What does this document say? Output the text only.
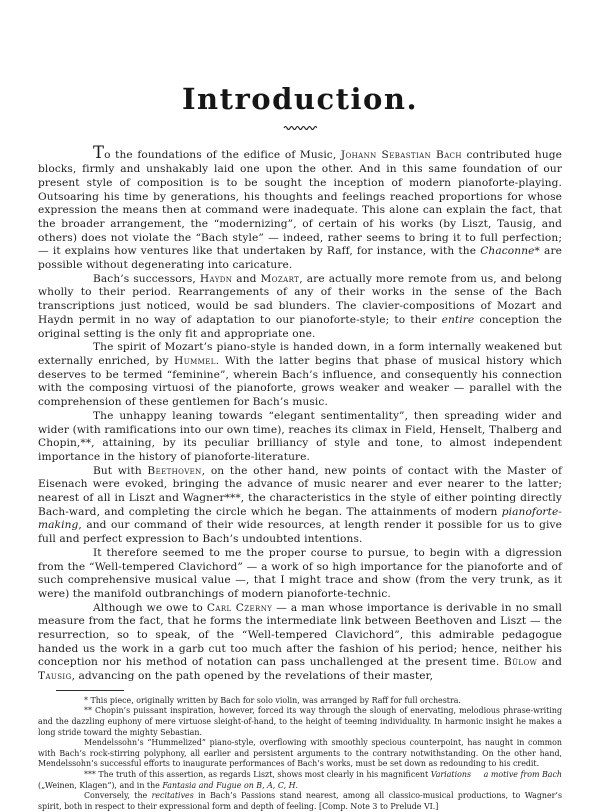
Introduction.

To the foundations of the edifice of Music, Johann Sebastian Bach contributed huge blocks, firmly and unshakably laid one upon the other. And in this same foundation of our present style of composition is to be sought the inception of modern pianoforte-playing. Outsoaring his time by generations, his thoughts and feelings reached proportions for whose expression the means then at command were inadequate. This alone can explain the fact, that the broader arrangement, the “modernizing”, of certain of his works (by Liszt, Tausig, and others) does not violate the “Bach style” — indeed, rather seems to bring it to full perfection; — it explains how ventures like that undertaken by Raff, for instance, with the Chaconne* are possible without degenerating into caricature.

Bach’s successors, Haydn and Mozart, are actually more remote from us, and belong wholly to their period. Rearrangements of any of their works in the sense of the Bach transcriptions just noticed, would be sad blunders. The clavier-compositions of Mozart and Haydn permit in no way of adaptation to our pianoforte-style; to their entire conception the original setting is the only fit and appropriate one.

The spirit of Mozart’s piano-style is handed down, in a form internally weakened but externally enriched, by Hummel. With the latter begins that phase of musical history which deserves to be termed “feminine”, wherein Bach’s influence, and consequently his connection with the composing virtuosi of the pianoforte, grows weaker and weaker — parallel with the comprehension of these gentlemen for Bach’s music.

The unhappy leaning towards “elegant sentimentality”, then spreading wider and wider (with ramifications into our own time), reaches its climax in Field, Henselt, Thalberg and Chopin,**, attaining, by its peculiar brilliancy of style and tone, to almost independent importance in the history of pianoforte-literature.

But with Beethoven, on the other hand, new points of contact with the Master of Eisenach were evoked, bringing the advance of music nearer and ever nearer to the latter; nearest of all in Liszt and Wagner***, the characteristics in the style of either pointing directly Bach-ward, and completing the circle which he began. The attainments of modern pianoforte-making, and our command of their wide resources, at length render it possible for us to give full and perfect expression to Bach’s undoubted intentions.

It therefore seemed to me the proper course to pursue, to begin with a digression from the “Well-tempered Clavichord” — a work of so high importance for the pianoforte and of such comprehensive musical value —, that I might trace and show (from the very trunk, as it were) the manifold outbranchings of modern pianoforte-technic.

Although we owe to Carl Czerny — a man whose importance is derivable in no small measure from the fact, that he forms the intermediate link between Beethoven and Liszt — the resurrection, so to speak, of the “Well-tempered Clavichord”, this admirable pedagogue handed us the work in a garb cut too much after the fashion of his period; hence, neither his conception nor his method of notation can pass unchallenged at the present time. Bülow and Tausig, advancing on the path opened by the revelations of their master,

* This piece, originally written by Bach for solo violin, was arranged by Raff for full orchestra.

** Chopin’s puissant inspiration, however, forced its way through the slough of enervating, melodious phrase-writing and the dazzling euphony of mere virtuose sleight-of-hand, to the height of teeming individuality. In harmonic insight he makes a long stride toward the mighty Sebastian.

Mendelssohn’s “Hummelized” piano-style, overflowing with smoothly specious counterpoint, has naught in common with Bach’s rock-stirring polyphony, all earlier and persistent arguments to the contrary notwithstanding. On the other hand, Mendelssohn’s successful efforts to inaugurate performances of Bach’s works, must be set down as redounding to his credit.

*** The truth of this assertion, as regards Liszt, shows most clearly in his magnificent Variations a motive from Bach („Weinen, Klagen“), and in the Fantasia and Fugue on B, A, C, H.

Conversely, the recitatives in Bach’s Passions stand nearest, among all classico-musical productions, to Wagner’s spirit, both in respect to their expressional form and depth of feeling. [Comp. Note 3 to Prelude VI.]
